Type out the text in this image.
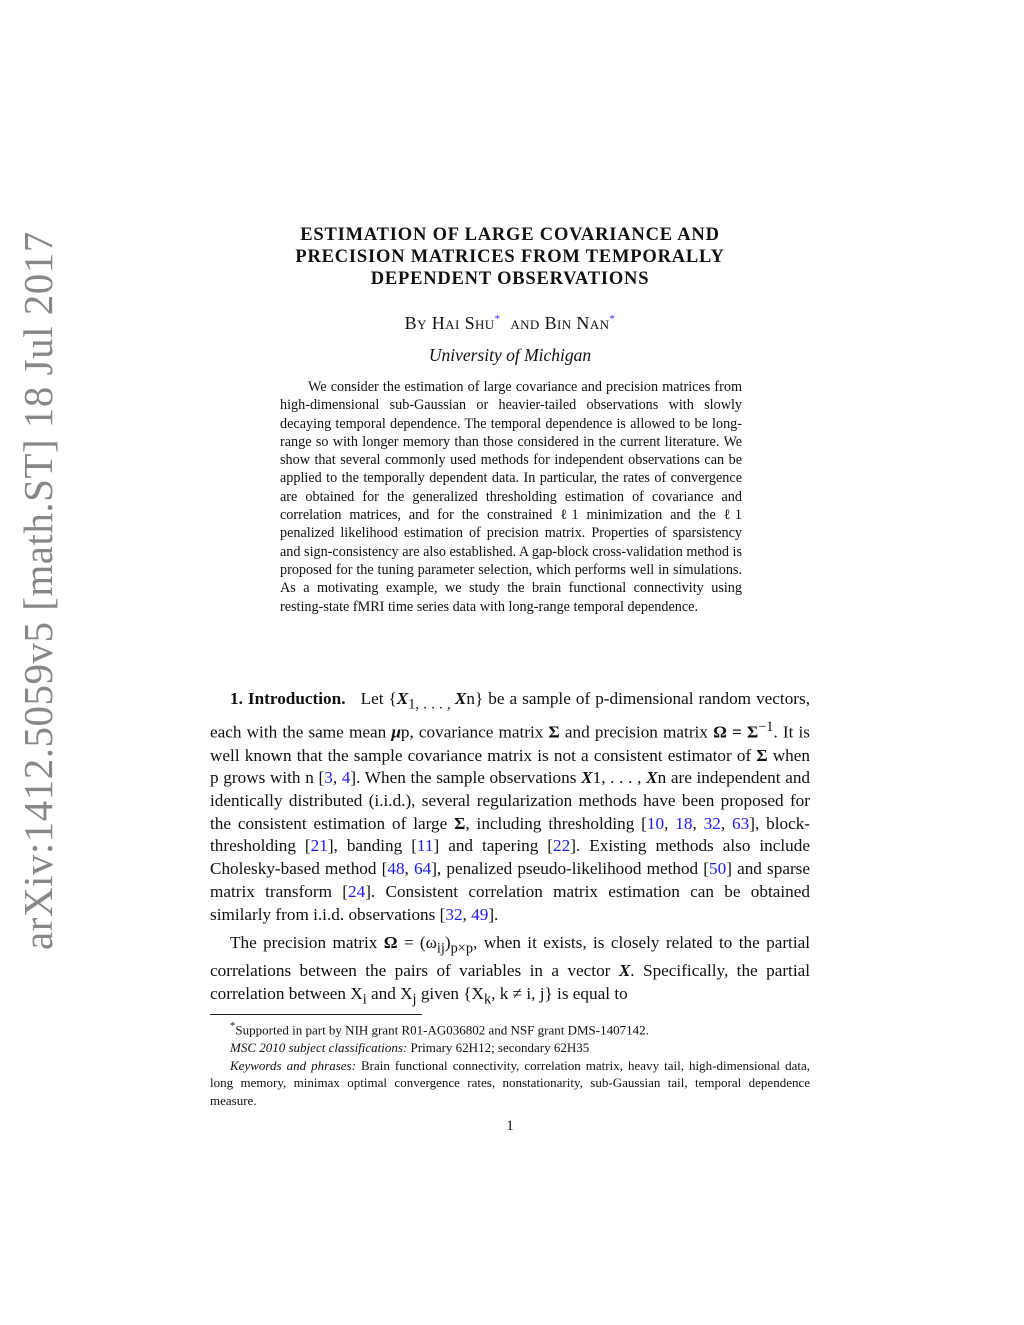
arXiv:1412.5059v5 [math.ST] 18 Jul 2017	ESTIMATION OF LARGE COVARIANCE AND
PRECISION MATRICES FROM TEMPORALLY
DEPENDENT OBSERVATIONS
By Hai Shu* and Bin Nan*
University of Michigan

We consider the estimation of large covariance and precision matrices from high-dimensional sub-Gaussian or heavier-tailed observations with slowly decaying temporal dependence. The temporal dependence is allowed to be long-range so with longer memory than those considered in the current literature. We show that several commonly used methods for independent observations can be applied to the temporally dependent data. In particular, the rates of convergence are obtained for the generalized thresholding estimation of covariance and correlation matrices, and for the constrained ℓ1 minimization and the ℓ1 penalized likelihood estimation of precision matrix. Properties of sparsistency and sign-consistency are also established. A gap-block cross-validation method is proposed for the tuning parameter selection, which performs well in simulations. As a motivating example, we study the brain functional connectivity using resting-state fMRI time series data with long-range temporal dependence.

1. Introduction. Let {$X_{1, . . . ,}$ Xn} be a sample of p-dimensional random vectors, each with the same mean μp, covariance matrix Σ and precision matrix $\Omega = \Sigma^{-1}$. It is well known that the sample covariance matrix is not a consistent estimator of Σ when p grows with n [3, 4]. When the sample observations X1, . . . , Xn are independent and identically distributed (i.i.d.), several regularization methods have been proposed for the consistent estimation of large Σ, including thresholding [10, 18, 32, 63], block-thresholding [21], banding [11] and tapering [22]. Existing methods also include Cholesky-based method [48, 64], penalized pseudo-likelihood method [50] and sparse matrix transform [24]. Consistent correlation matrix estimation can be obtained similarly from i.i.d. observations [32, 49].

The precision matrix $\Omega = (\omega_{ij})_{p\times p}$, when it exists, is closely related to the partial correlations between the pairs of variables in a vector X. Specifically, the partial correlation between $X_i$ and $X_j$ given {$X_k$, k ≠ i, j} is equal to

*Supported in part by NIH grant R01-AG036802 and NSF grant DMS-1407142.

MSC 2010 subject classifications: Primary 62H12; secondary 62H35

Keywords and phrases: Brain functional connectivity, correlation matrix, heavy tail, high-dimensional data, long memory, minimax optimal convergence rates, nonstationarity, sub-Gaussian tail, temporal dependence measure.

1
